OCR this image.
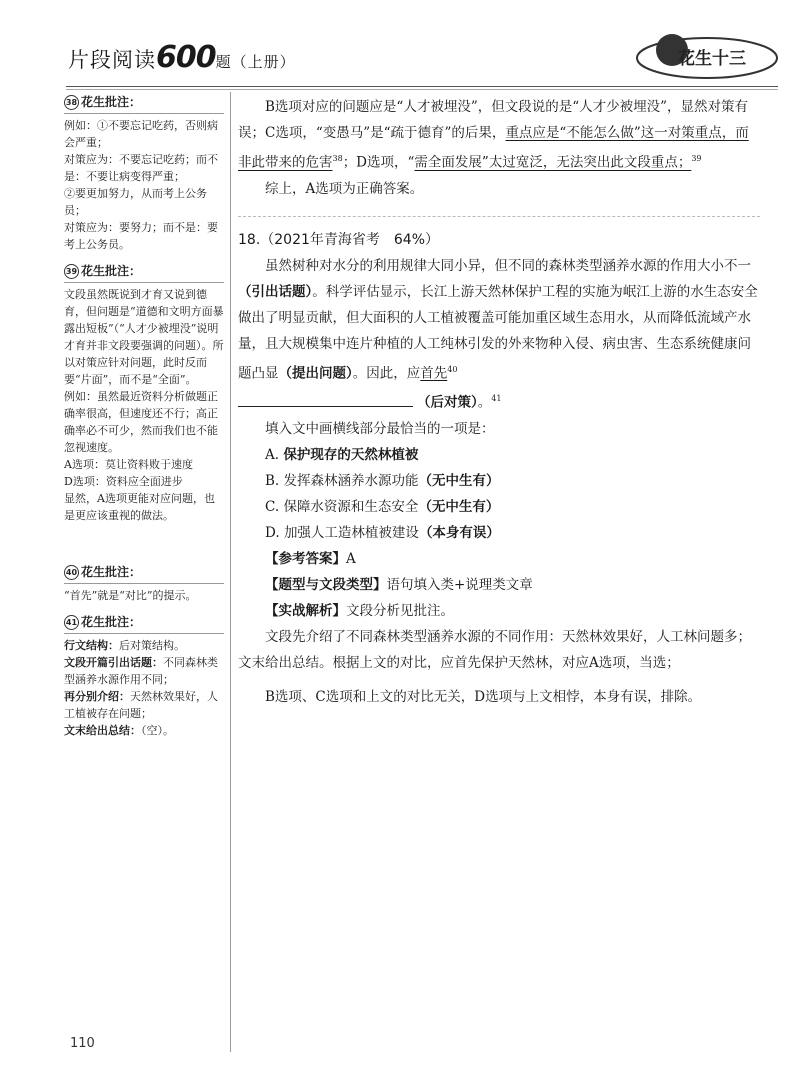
片段阅读600题（上册）	花生十三
38 花生批注：

例如：①不要忘记吃药，否则病会严重；

对策应为：不要忘记吃药；而不是：不要让病变得严重；

②要更加努力，从而考上公务员；

对策应为：要努力；而不是：要考上公务员。

39 花生批注：

文段虽然既说到才育又说到德育，但问题是“道德和文明方面暴露出短板”（“人才少被埋没”说明才育并非文段要强调的问题）。所以对策应针对问题，此时反而要“片面”，而不是“全面”。

例如：虽然最近资料分析做题正确率很高，但速度还不行；高正确率必不可少，然而我们也不能忽视速度。

A选项：莫让资料败于速度

D选项：资料应全面进步

显然，A选项更能对应问题，也是更应该重视的做法。

40 花生批注：

“首先”就是“对比”的提示。

41 花生批注：

行文结构：后对策结构。

文段开篇引出话题：不同森林类型涵养水源作用不同；

再分别介绍：天然林效果好，人工植被存在问题；

文末给出总结：（空）。

B选项对应的问题应是“人才被埋没”，但文段说的是“人才少被埋没”，显然对策有误；C选项，“变愚马”是“疏于德育”的后果，重点应是“不能怎么做”这一对策重点，而非此带来的危害$^{38}$；D选项，“需全面发展”太过宽泛，无法突出此文段重点；$^{39}$

综上，A选项为正确答案。

18.（2021年青海省考　64%）

虽然树种对水分的利用规律大同小异，但不同的森林类型涵养水源的作用大小不一（引出话题）。科学评估显示，长江上游天然林保护工程的实施为岷江上游的水生态安全做出了明显贡献，但大面积的人工植被覆盖可能加重区域生态用水，从而降低流域产水量，且大规模集中连片种植的人工纯林引发的外来物种入侵、病虫害、生态系统健康问题凸显（提出问题）。因此，应首先$^{40}$

（后对策）。$^{41}$

填入文中画横线部分最恰当的一项是：

A. 保护现存的天然林植被

B. 发挥森林涵养水源功能（无中生有）

C. 保障水资源和生态安全（无中生有）

D. 加强人工造林植被建设（本身有误）

【参考答案】A

【题型与文段类型】语句填入类+说理类文章

【实战解析】文段分析见批注。

文段先介绍了不同森林类型涵养水源的不同作用：天然林效果好，人工林问题多；文末给出总结。根据上文的对比，应首先保护天然林，对应A选项，当选；

B选项、C选项和上文的对比无关，D选项与上文相悖，本身有误，排除。

110
